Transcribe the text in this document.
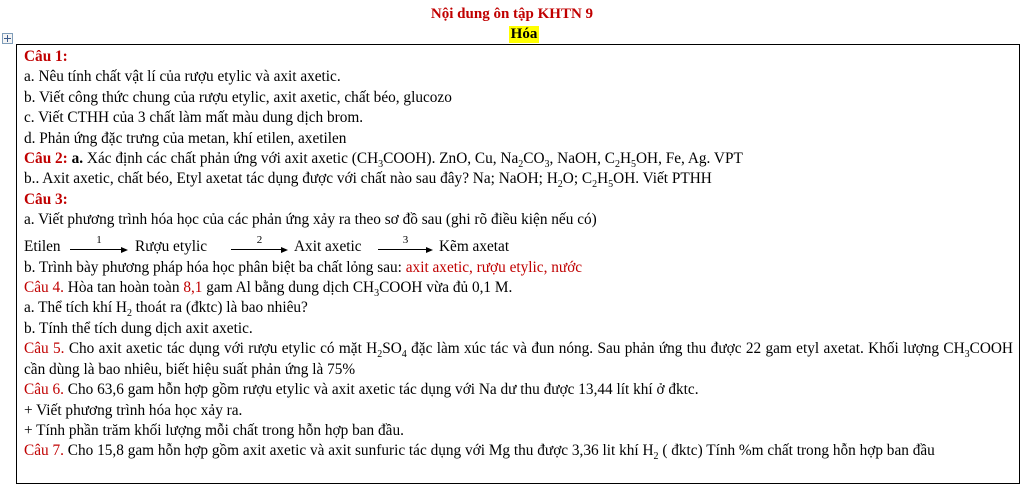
Nội dung ôn tập KHTN 9
Hóa
Câu 1:
a. Nêu tính chất vật lí của rượu etylic và axit axetic.
b. Viết công thức chung của rượu etylic, axit axetic, chất béo, glucozo
c. Viết CTHH của 3 chất làm mất màu dung dịch brom.
d. Phản ứng đặc trưng của metan, khí etilen, axetilen
Câu 2: a. Xác định các chất phản ứng với axit axetic $(CH_3COOH)$. ZnO, Cu, $Na_2CO_3$, NaOH, $C_2H_5OH$, Fe, Ag. VPT
b.. Axit axetic, chất béo, Etyl axetat tác dụng được với chất nào sau đây? Na; NaOH; $H_2O$; $C_2H_5OH$. Viết PTHH
Câu 3:
a. Viết phương trình hóa học của các phản ứng xảy ra theo sơ đồ sau (ghi rõ điều kiện nếu có)
Etilen	1	Rượu etylic	2	Axit axetic	3	Kẽm axetat
b. Trình bày phương pháp hóa học phân biệt ba chất lỏng sau: axit axetic, rượu etylic, nước
Câu 4. Hòa tan hoàn toàn 8,1 gam Al bằng dung dịch $CH_3COOH$ vừa đủ 0,1 M.
a. Thể tích khí $H_2$ thoát ra (đktc) là bao nhiêu?
b. Tính thể tích dung dịch axit axetic.
Câu 5. Cho axit axetic tác dụng với rượu etylic có mặt $H_2SO_4$ đặc làm xúc tác và đun nóng. Sau phản ứng thu được 22 gam etyl axetat. Khối lượng $CH_3COOH$ cần dùng là bao nhiêu, biết hiệu suất phản ứng là 75%
Câu 6. Cho 63,6 gam hỗn hợp gồm rượu etylic và axit axetic tác dụng với Na dư thu được 13,44 lít khí ở đktc.
+ Viết phương trình hóa học xảy ra.
+ Tính phần trăm khối lượng mỗi chất trong hỗn hợp ban đầu.
Câu 7. Cho 15,8 gam hỗn hợp gồm axit axetic và axit sunfuric tác dụng với Mg thu được 3,36 lit khí $H_2$ ( đktc) Tính %m chất trong hỗn hợp ban đầu
